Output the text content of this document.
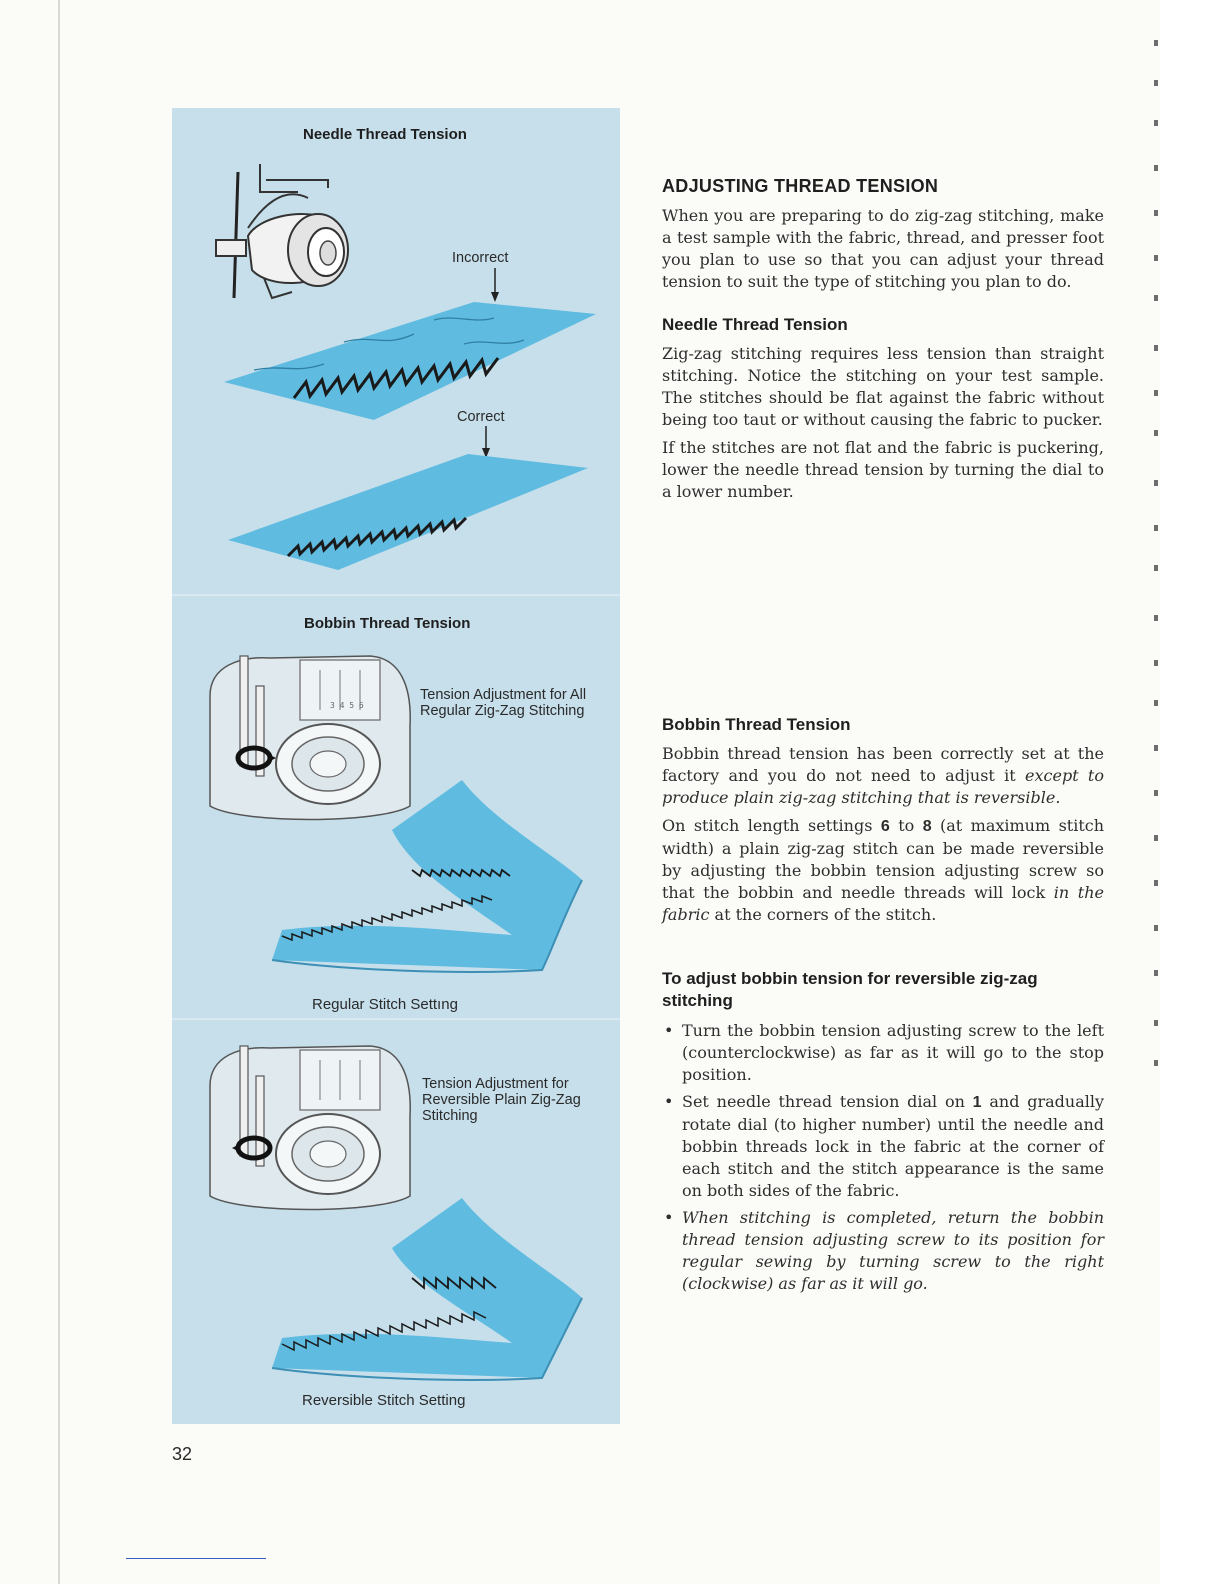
Needle Thread Tension
Incorrect
Correct
Bobbin Thread Tension
3 4 5 6
Tension Adjustment for All Regular Zig-Zag Stitching
Regular Stitch Settıng
Tension Adjustment for Reversible Plain Zig-Zag Stitching
Reversible Stitch Setting
ADJUSTING THREAD TENSION

When you are preparing to do zig-zag stitching, make a test sample with the fabric, thread, and presser foot you plan to use so that you can adjust your thread tension to suit the type of stitching you plan to do.

Needle Thread Tension

Zig-zag stitching requires less tension than straight stitching. Notice the stitching on your test sample. The stitches should be flat against the fabric without being too taut or without causing the fabric to pucker.

If the stitches are not flat and the fabric is puckering, lower the needle thread tension by turning the dial to a lower number.

Bobbin Thread Tension

Bobbin thread tension has been correctly set at the factory and you do not need to adjust it except to produce plain zig-zag stitching that is reversible.

On stitch length settings 6 to 8 (at maximum stitch width) a plain zig-zag stitch can be made reversible by adjusting the bobbin tension adjusting screw so that the bobbin and needle threads will lock in the fabric at the corners of the stitch.

To adjust bobbin tension for reversible zig-zag stitching
• Turn the bobbin tension adjusting screw to the left (counterclockwise) as far as it will go to the stop position.
• Set needle thread tension dial on 1 and gradually rotate dial (to higher number) until the needle and bobbin threads lock in the fabric at the corner of each stitch and the stitch appearance is the same on both sides of the fabric.
• When stitching is completed, return the bobbin thread tension adjusting screw to its position for regular sewing by turning screw to the right (clockwise) as far as it will go.
32
